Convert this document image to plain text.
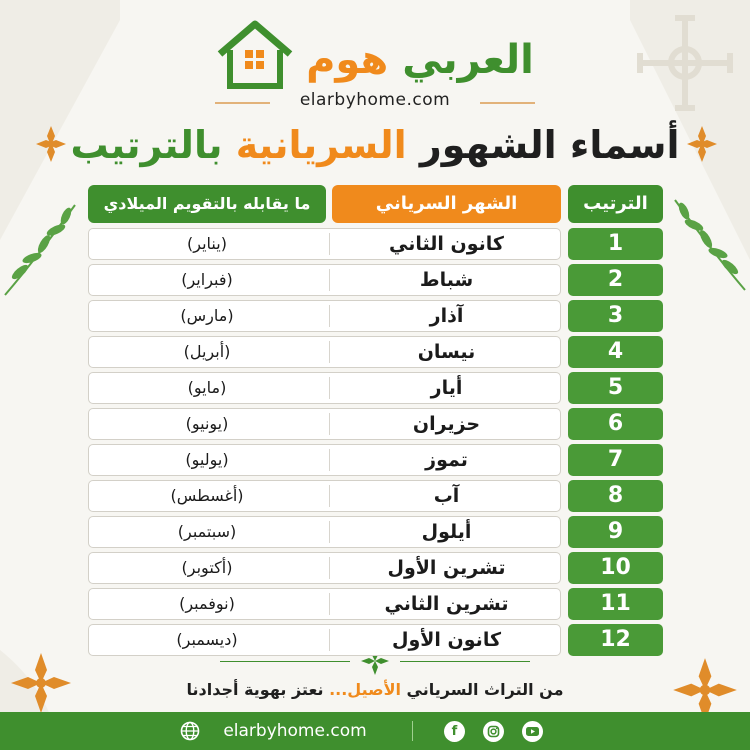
العربي هوم
elarbyhome.com
أسماء الشهور السريانية بالترتيب
الترتيب
الشهر السرياني
ما يقابله بالتقويم الميلادي
1
كانون الثاني
(يناير)
2
شباط
(فبراير)
3
آذار
(مارس)
4
نيسان
(أبريل)
5
أيار
(مايو)
6
حزيران
(يونيو)
7
تموز
(يوليو)
8
آب
(أغسطس)
9
أيلول
(سبتمبر)
10
تشرين الأول
(أكتوبر)
11
تشرين الثاني
(نوفمبر)
12
كانون الأول
(ديسمبر)
من التراث السرياني الأصيل... نعتز بهوية أجدادنا
elarbyhome.com	f
